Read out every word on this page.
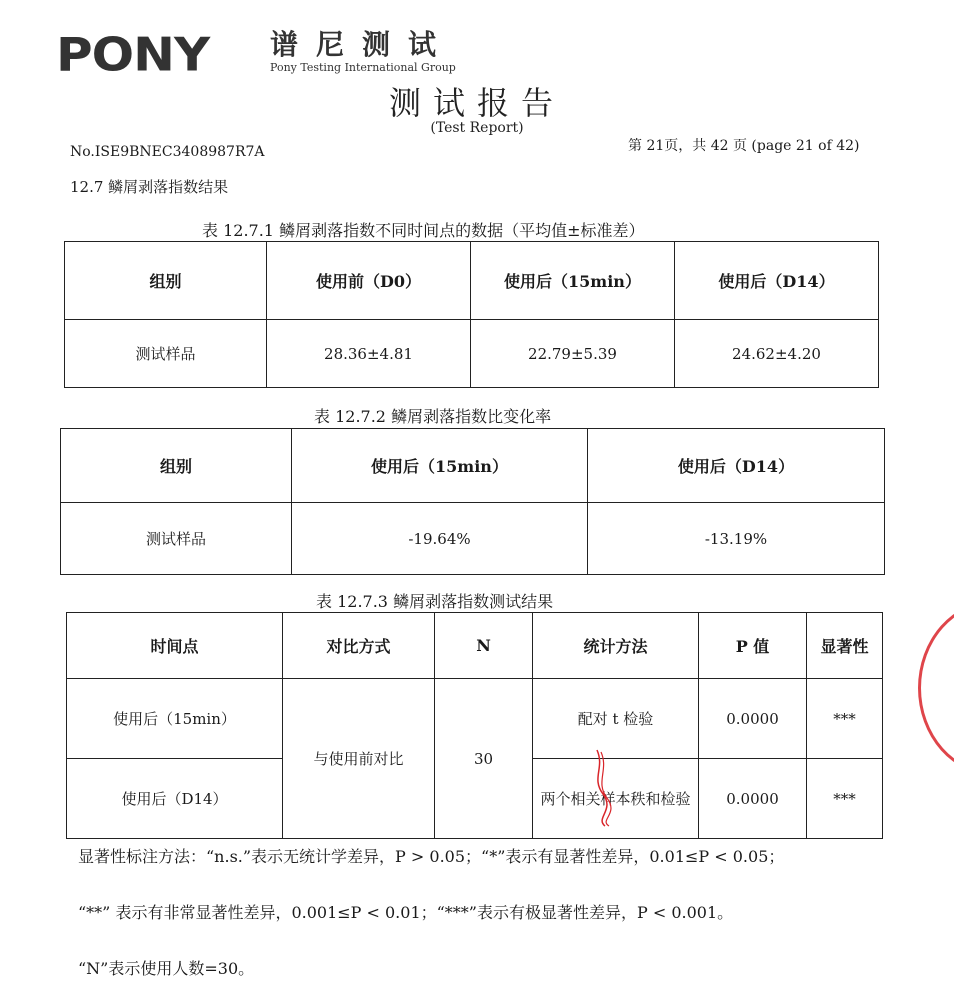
PONY 谱尼测试
Pony Testing International Group
测试报告
(Test Report)
No.ISE9BNEC3408987R7A	第 21页，共 42 页 (page 21 of 42)
12.7 鳞屑剥落指数结果
表 12.7.1 鳞屑剥落指数不同时间点的数据（平均值±标准差）
组别	使用前（D0）	使用后（15min）	使用后（D14）
测试样品	28.36±4.81	22.79±5.39	24.62±4.20
表 12.7.2 鳞屑剥落指数比变化率
组别	使用后（15min）	使用后（D14）
测试样品	-19.64%	-13.19%
表 12.7.3 鳞屑剥落指数测试结果
时间点	对比方式	N	统计方法	P 值	显著性
使用后（15min）	与使用前对比	30	配对 t 检验	0.0000	***
使用后（D14）			两个相关样本秩和检验	0.0000	***
显著性标注方法：“n.s.”表示无统计学差异，P > 0.05；“*”表示有显著性差异，0.01≤P < 0.05；
“**” 表示有非常显著性差异，0.001≤P < 0.01；“***”表示有极显著性差异，P < 0.001。
“N”表示使用人数=30。
